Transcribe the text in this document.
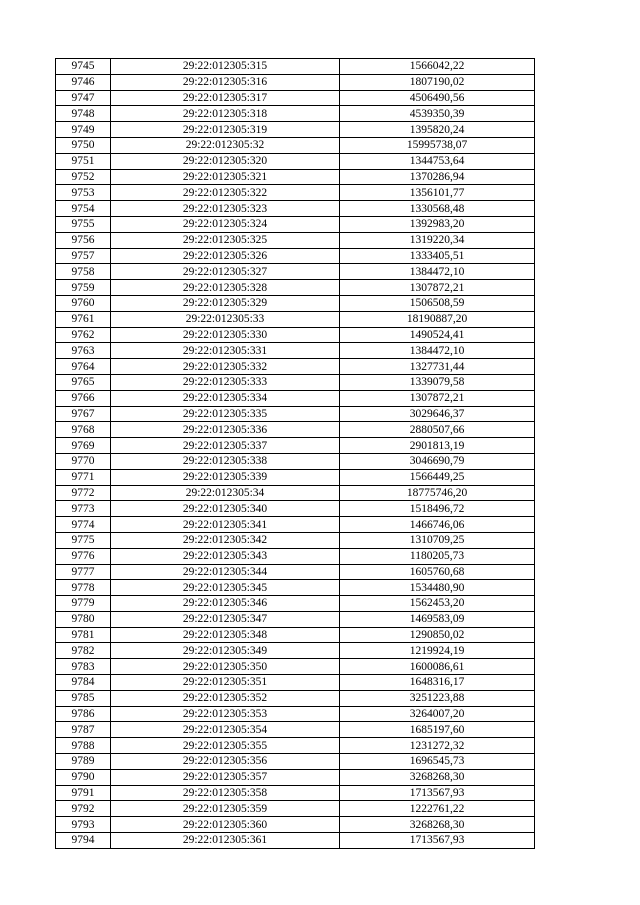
9745	29:22:012305:315	1566042,22
9746	29:22:012305:316	1807190,02
9747	29:22:012305:317	4506490,56
9748	29:22:012305:318	4539350,39
9749	29:22:012305:319	1395820,24
9750	29:22:012305:32	15995738,07
9751	29:22:012305:320	1344753,64
9752	29:22:012305:321	1370286,94
9753	29:22:012305:322	1356101,77
9754	29:22:012305:323	1330568,48
9755	29:22:012305:324	1392983,20
9756	29:22:012305:325	1319220,34
9757	29:22:012305:326	1333405,51
9758	29:22:012305:327	1384472,10
9759	29:22:012305:328	1307872,21
9760	29:22:012305:329	1506508,59
9761	29:22:012305:33	18190887,20
9762	29:22:012305:330	1490524,41
9763	29:22:012305:331	1384472,10
9764	29:22:012305:332	1327731,44
9765	29:22:012305:333	1339079,58
9766	29:22:012305:334	1307872,21
9767	29:22:012305:335	3029646,37
9768	29:22:012305:336	2880507,66
9769	29:22:012305:337	2901813,19
9770	29:22:012305:338	3046690,79
9771	29:22:012305:339	1566449,25
9772	29:22:012305:34	18775746,20
9773	29:22:012305:340	1518496,72
9774	29:22:012305:341	1466746,06
9775	29:22:012305:342	1310709,25
9776	29:22:012305:343	1180205,73
9777	29:22:012305:344	1605760,68
9778	29:22:012305:345	1534480,90
9779	29:22:012305:346	1562453,20
9780	29:22:012305:347	1469583,09
9781	29:22:012305:348	1290850,02
9782	29:22:012305:349	1219924,19
9783	29:22:012305:350	1600086,61
9784	29:22:012305:351	1648316,17
9785	29:22:012305:352	3251223,88
9786	29:22:012305:353	3264007,20
9787	29:22:012305:354	1685197,60
9788	29:22:012305:355	1231272,32
9789	29:22:012305:356	1696545,73
9790	29:22:012305:357	3268268,30
9791	29:22:012305:358	1713567,93
9792	29:22:012305:359	1222761,22
9793	29:22:012305:360	3268268,30
9794	29:22:012305:361	1713567,93
